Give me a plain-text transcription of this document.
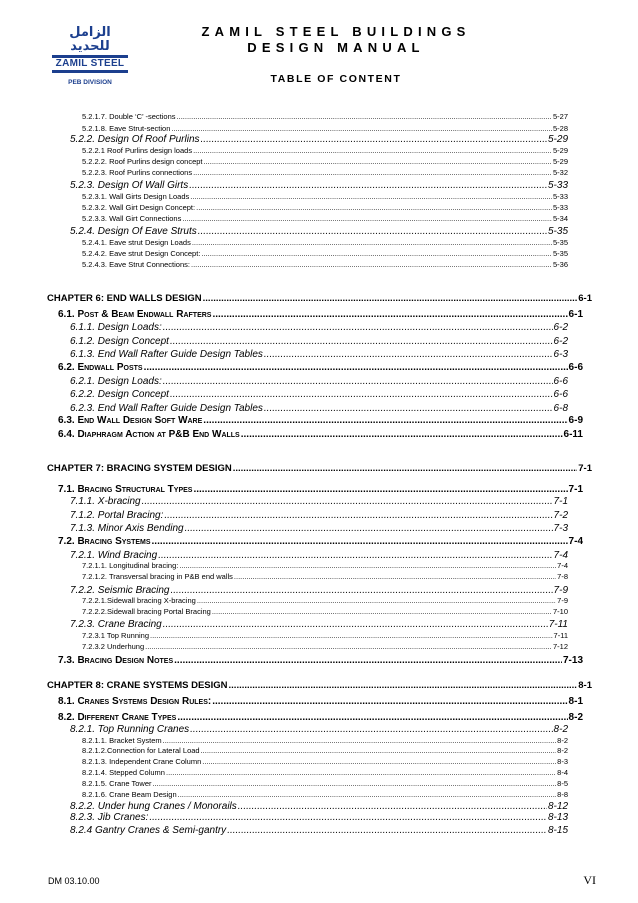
الزامل للحديد
ZAMIL STEEL
PEB DIVISION
ZAMIL STEEL BUILDINGS
DESIGN MANUAL
TABLE OF CONTENT
5.2.1.7. Double ‘C’ -sections .....	5-27
5.2.1.8. Eave Strut-section .....	5-28
5.2.2. Design Of Roof Purlins .....	5-29
5.2.2.1 Roof Purlins design loads .....	5-29
5.2.2.2. Roof Purlins design concept .....	5-29
5.2.2.3. Roof Purlins connections .....	5-32
5.2.3. Design Of Wall Girts .....	5-33
5.2.3.1. Wall Girts Design Loads .....	5-33
5.2.3.2. Wall Girt Design Concept: .....	5-33
5.2.3.3. Wall Girt Connections .....	5-34
5.2.4. Design Of Eave Struts .....	5-35
5.2.4.1. Eave strut Design Loads .....	5-35
5.2.4.2. Eave strut Design Concept: .....	5-35
5.2.4.3. Eave Strut Connections: .....	5-36
CHAPTER 6: END WALLS DESIGN .....	6-1
6.1. Post & Beam Endwall Rafters .....	6-1
6.1.1. Design Loads: .....	6-2
6.1.2. Design Concept .....	6-2
6.1.3. End Wall Rafter Guide Design Tables .....	6-3
6.2. Endwall Posts .....	6-6
6.2.1. Design Loads: .....	6-6
6.2.2. Design Concept .....	6-6
6.2.3. End Wall Rafter Guide Design Tables .....	6-8
6.3. End Wall Design Soft Ware .....	6-9
6.4. Diaphragm Action at P&B End Walls .....	6-11
CHAPTER 7: BRACING SYSTEM DESIGN .....	7-1
7.1. Bracing Structural Types .....	7-1
7.1.1. X-bracing .....	7-1
7.1.2. Portal Bracing: .....	7-2
7.1.3. Minor Axis Bending .....	7-3
7.2. Bracing Systems .....	7-4
7.2.1. Wind Bracing .....	7-4
7.2.1.1. Longitudinal bracing: .....	7-4
7.2.1.2. Transversal bracing in P&B end walls .....	7-8
7.2.2. Seismic Bracing .....	7-9
7.2.2.1.Sidewall bracing X-bracing .....	7-9
7.2.2.2.Sidewall bracing Portal Bracing .....	7-10
7.2.3. Crane Bracing .....	7-11
7.2.3.1 Top Running .....	7-11
7.2.3.2 Underhung .....	7-12
7.3. Bracing Design Notes .....	7-13
CHAPTER 8: CRANE SYSTEMS DESIGN .....	8-1
8.1. Cranes Systems Design Rules: .....	8-1
8.2. Different Crane Types .....	8-2
8.2.1. Top Running Cranes .....	8-2
8.2.1.1. Bracket System .....	8-2
8.2.1.2.Connection for Lateral Load .....	8-2
8.2.1.3. Independent Crane Column .....	8-3
8.2.1.4. Stepped Column .....	8-4
8.2.1.5. Crane Tower .....	8-5
8.2.1.6. Crane Beam Design .....	8-8
8.2.2. Under hung Cranes / Monorails .....	8-12
8.2.3. Jib Cranes: .....	8-13
8.2.4 Gantry Cranes & Semi-gantry .....	8-15
DM 03.10.00	VI
